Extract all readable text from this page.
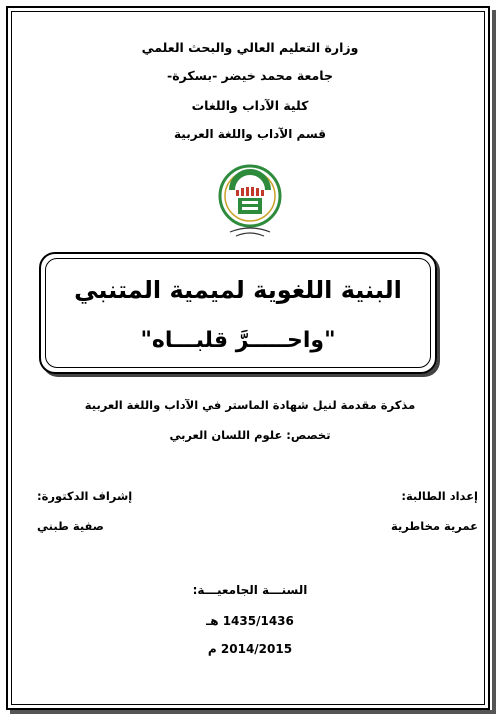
وزارة التعليم العالي والبحث العلمي
جامعة محمد خيضر -بسكرة-
كلية الآداب واللغات
قسم الآداب واللغة العربية
البنية اللغوية لميمية المتنبي
"واحـــــرَّ قلبـــاه"
مذكرة مقدمة لنيل شهادة الماستر في الآداب واللغة العربية
تخصص: علوم اللسان العربي
إعداد الطالبة:
عمرية مخاطرية
إشراف الدكتورة:
صفية طبني
السنـــة الجامعيـــة:
1435/1436 هـ
2014/2015 م
